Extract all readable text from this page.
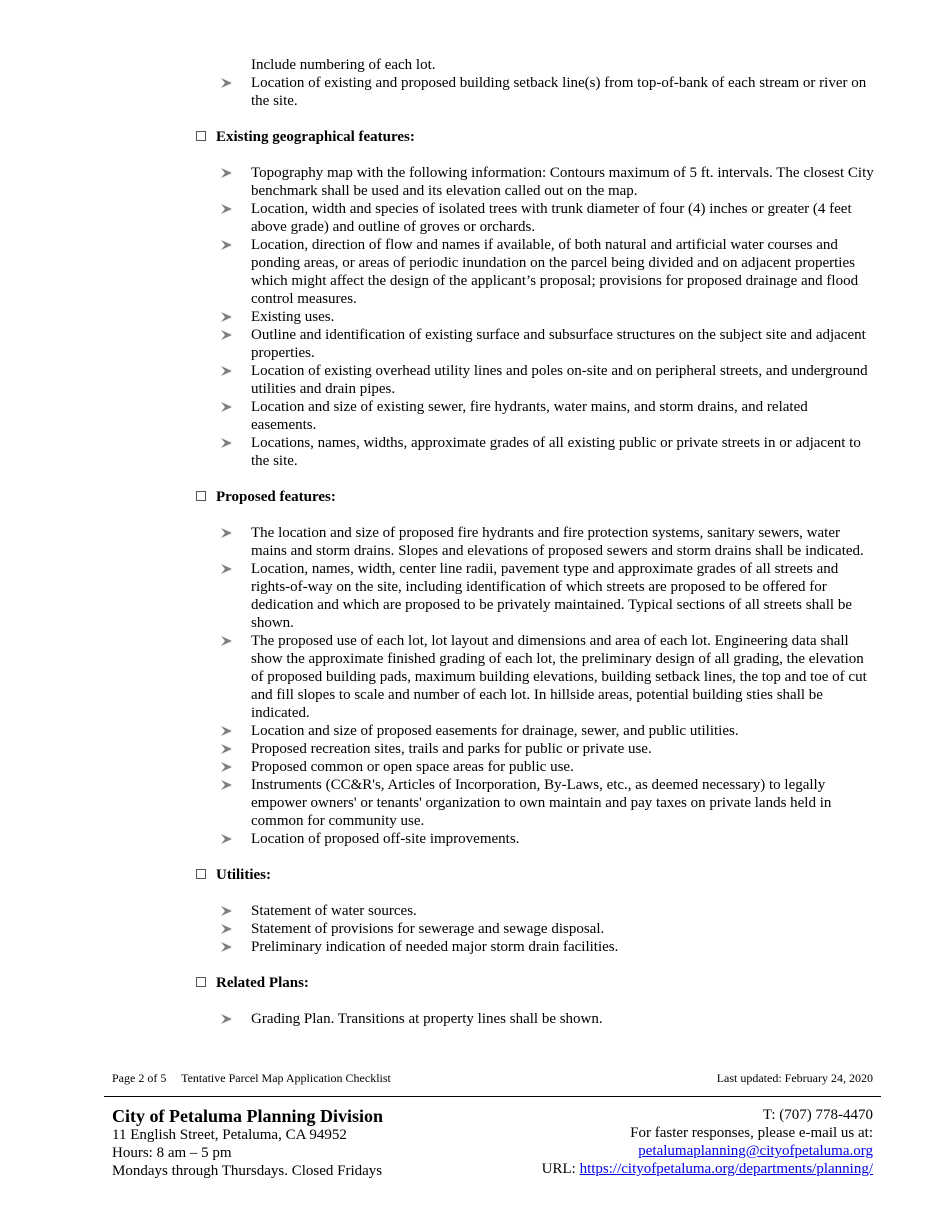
Include numbering of each lot.
Location of existing and proposed building setback line(s) from top-of-bank of each stream or river on the site.
Existing geographical features:
Topography map with the following information: Contours maximum of 5 ft. intervals. The closest City benchmark shall be used and its elevation called out on the map.
Location, width and species of isolated trees with trunk diameter of four (4) inches or greater (4 feet above grade) and outline of groves or orchards.
Location, direction of flow and names if available, of both natural and artificial water courses and ponding areas, or areas of periodic inundation on the parcel being divided and on adjacent properties which might affect the design of the applicant’s proposal; provisions for proposed drainage and flood control measures.
Existing uses.
Outline and identification of existing surface and subsurface structures on the subject site and adjacent properties.
Location of existing overhead utility lines and poles on-site and on peripheral streets, and underground utilities and drain pipes.
Location and size of existing sewer, fire hydrants, water mains, and storm drains, and related easements.
Locations, names, widths, approximate grades of all existing public or private streets in or adjacent to the site.
Proposed features:
The location and size of proposed fire hydrants and fire protection systems, sanitary sewers, water mains and storm drains. Slopes and elevations of proposed sewers and storm drains shall be indicated.
Location, names, width, center line radii, pavement type and approximate grades of all streets and rights-of-way on the site, including identification of which streets are proposed to be offered for dedication and which are proposed to be privately maintained. Typical sections of all streets shall be shown.
The proposed use of each lot, lot layout and dimensions and area of each lot. Engineering data shall show the approximate finished grading of each lot, the preliminary design of all grading, the elevation of proposed building pads, maximum building elevations, building setback lines, the top and toe of cut and fill slopes to scale and number of each lot. In hillside areas, potential building sties shall be indicated.
Location and size of proposed easements for drainage, sewer, and public utilities.
Proposed recreation sites, trails and parks for public or private use.
Proposed common or open space areas for public use.
Instruments (CC&R's, Articles of Incorporation, By-Laws, etc., as deemed necessary) to legally empower owners' or tenants' organization to own maintain and pay taxes on private lands held in common for community use.
Location of proposed off-site improvements.
Utilities:
Statement of water sources.
Statement of provisions for sewerage and sewage disposal.
Preliminary indication of needed major storm drain facilities.
Related Plans:
Grading Plan. Transitions at property lines shall be shown.
Page 2 of 5     Tentative Parcel Map Application Checklist	Last updated: February 24, 2020
City of Petaluma Planning Division
11 English Street, Petaluma, CA 94952
Hours: 8 am – 5 pm
Mondays through Thursdays. Closed Fridays
T: (707) 778-4470
For faster responses, please e-mail us at:
petalumaplanning@cityofpetaluma.org
URL: https://cityofpetaluma.org/departments/planning/
